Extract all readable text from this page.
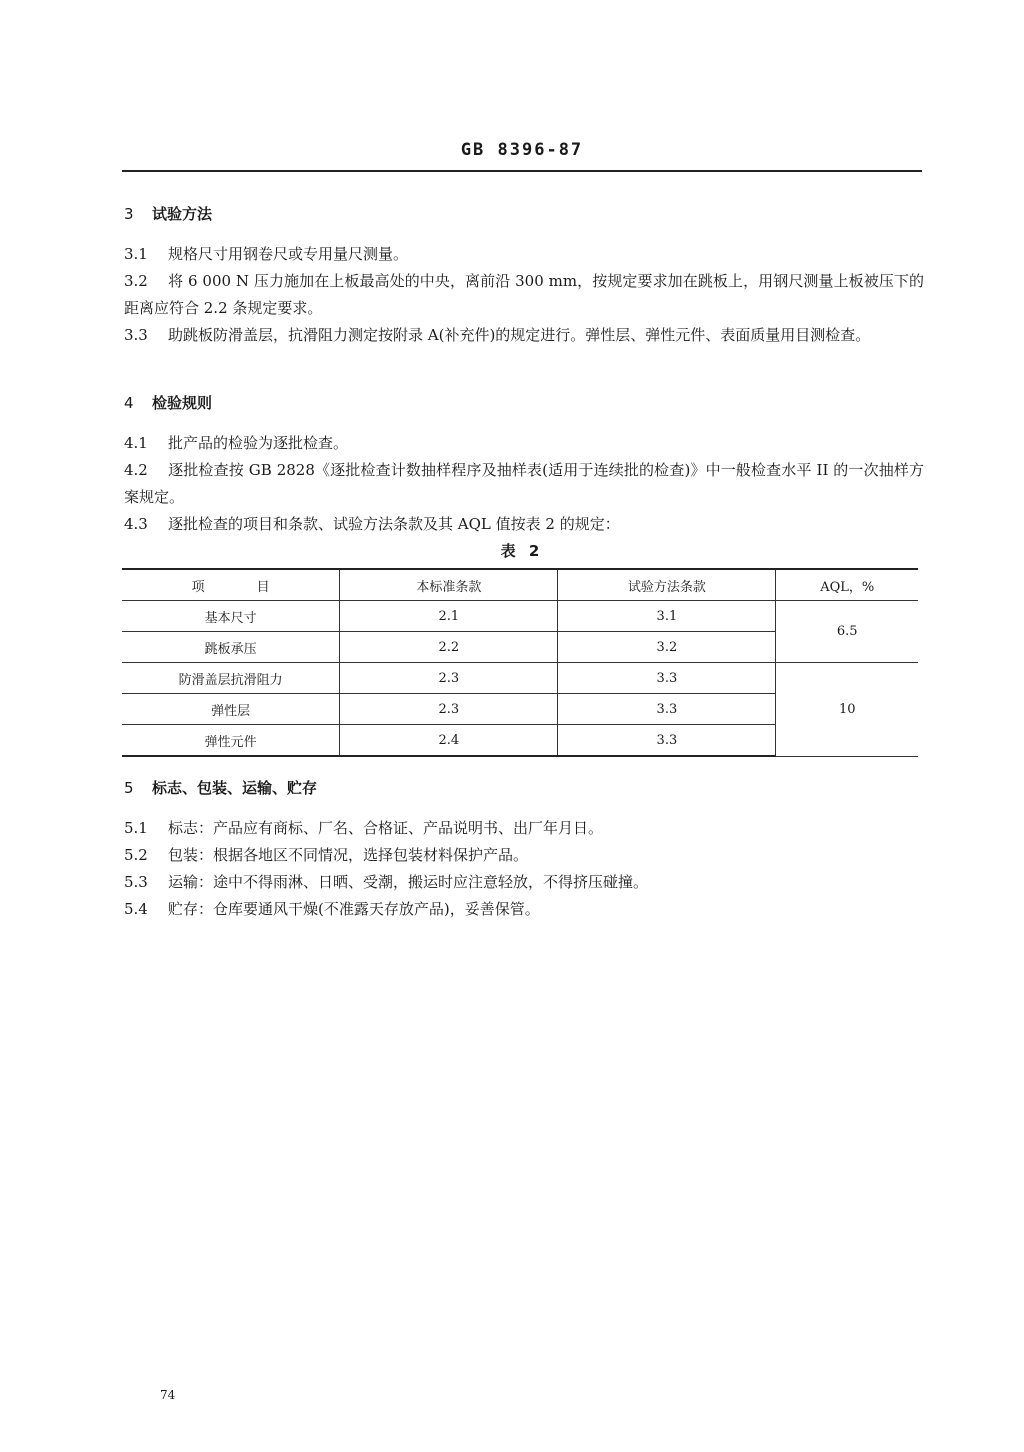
GB 8396-87
3 试验方法
3.1 规格尺寸用钢卷尺或专用量尺测量。
3.2 将 6 000 N 压力施加在上板最高处的中央，离前沿 300 mm，按规定要求加在跳板上，用钢尺测量上板被压下的距离应符合 2.2 条规定要求。
3.3 助跳板防滑盖层，抗滑阻力测定按附录 A(补充件)的规定进行。弹性层、弹性元件、表面质量用目测检查。
4 检验规则
4.1 批产品的检验为逐批检查。
4.2 逐批检查按 GB 2828《逐批检查计数抽样程序及抽样表(适用于连续批的检查)》中一般检查水平 II 的一次抽样方案规定。
4.3 逐批检查的项目和条款、试验方法条款及其 AQL 值按表 2 的规定：
表 2
项　　　　目	本标准条款	试验方法条款	AQL，%
基本尺寸	2.1	3.1	6.5
跳板承压	2.2	3.2	
防滑盖层抗滑阻力	2.3	3.3	10
弹性层	2.3	3.3	
弹性元件	2.4	3.3	
5 标志、包装、运输、贮存
5.1 标志：产品应有商标、厂名、合格证、产品说明书、出厂年月日。
5.2 包装：根据各地区不同情况，选择包装材料保护产品。
5.3 运输：途中不得雨淋、日晒、受潮，搬运时应注意轻放，不得挤压碰撞。
5.4 贮存：仓库要通风干燥(不准露天存放产品)，妥善保管。
74
